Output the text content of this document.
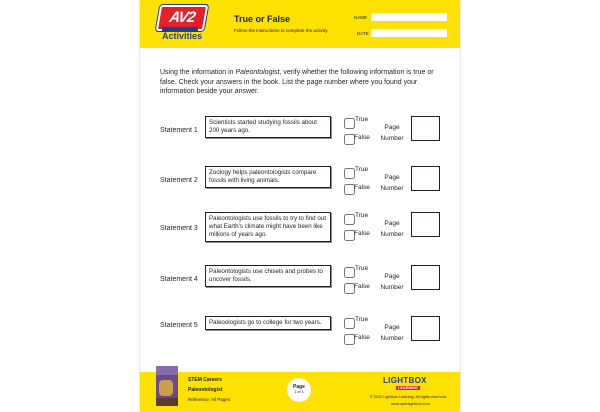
AV2
Activities
True or False
Follow the instructions to complete the activity.
NAME
DATE
Using the information in Paleontologist, verify whether the following information is true or false. Check your answers in the book. List the page number where you found your information beside your answer.
Statement 1
Scientists started studying fossils about 200 years ago.
True
False
Page Number
Statement 2
Zoology helps paleontologists compare fossils with living animals.
True
False
Page Number
Statement 3
Paleontologists use fossils to try to find out what Earth's climate might have been like millions of years ago.
True
False
Page Number
Statement 4
Paleontologists use chisels and probes to uncover fossils.
True
False
Page Number
Statement 5	Paleoologists go to college for two years.	True
False
Page Number
STEM Careers
Paleontologist
Reference: All Pages
Page
1 of 1
LIGHTBOX
LEARNING
© 2020 Lightbox Learning. All rights reserved.
www.openlightbox.com
